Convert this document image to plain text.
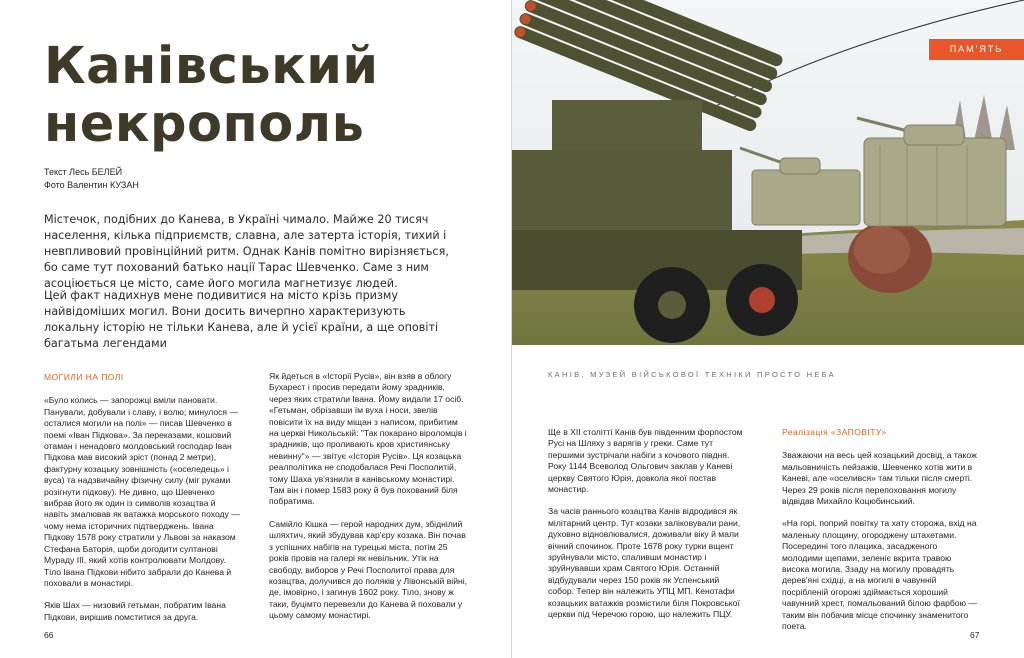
Канівський
некрополь
Текст Лесь БЕЛЕЙ
Фото Валентин КУЗАН

Містечок, подібних до Канева, в Україні чимало. Майже 20 тисяч населення, кілька підприємств, славна, але затерта історія, тихий і невпливовий провінційний ритм. Однак Канів помітно вирізняється, бо саме тут похований батько нації Тарас Шевченко. Саме з ним асоціюється це місто, саме його могила магнетизує людей.

Цей факт надихнув мене подивитися на місто крізь призму найвідоміших могил. Вони досить вичерпно характеризують локальну історію не тільки Канева, але й усієї країни, а ще оповіті багатьма легендами

МОГИЛИ НА ПОЛІ

«Було колись — запорожці вміли пановати. Панували, добували і славу, і волю; минулося — осталися могили на полі» — писав Шевченко в поемі «Іван Підкова». За переказами, кошовий отаман і ненадовго молдовський господар Іван Підкова мав високий зріст (понад 2 метри), фактурну козацьку зовнішність («оселедець» і вуса) та надзвичайну фізичну силу (міг руками розігнути підкову). Не дивно, що Шевченко вибрав його як один із символів козацтва й навіть змалював як ватажка морського походу — чому нема історичних підтверджень. Івана Підкову 1578 року стратили у Львові за наказом Стефана Баторія, щоби догодити султанові Мураду ІІІ, який хотів контролювати Молдову. Тіло Івана Підкови нібито забрали до Канева й поховали в монастирі.

Яків Шах — низовий гетьман, побратим Івана Підкови, вирішив помститися за друга.

Як йдеться в «Історії Русів», він взяв в облогу Бухарест і просив передати йому зрадників, через яких стратили Івана. Йому видали 17 осіб. «Гетьман, обрізавши їм вуха і носи, звелів повісити їх на виду міщан з написом, прибитим на церкві Никольській: "Так покарано віроломців і зрадників, що проливають кров християнську невинну"» — звітує «Історія Русів». Ця козацька реалполітика не сподобалася Речі Посполитій, тому Шаха ув'язнили в канівському монастирі. Там він і помер 1583 року й був похований біля побратима.

Самійло Кішка — герой народних дум, збіднілий шляхтич, який збудував кар'єру козака. Він почав з успішних набігів на турецькі міста, потім 25 років провів на галері як невільник. Утік на свободу, виборов у Речі Посполитої права для козацтва, долучився до поляків у Лівонській війні, де, імовірно, і загинув 1602 року. Тіло, знову ж таки, буцімто перевезли до Канева й поховали у цьому самому монастирі.

66
ПАМ'ЯТЬ
КАНІВ, МУЗЕЙ ВІЙСЬКОВОЇ ТЕХНІКИ ПРОСТО НЕБА

Ще в XII столітті Канів був південним форпостом Русі на Шляху з варягів у греки. Саме тут першими зустрічали набіги з кочового півдня. Року 1144 Всеволод Ольгович заклав у Каневі церкву Святого Юрія, довкола якої постав монастир.

За часів раннього козацтва Канів відродився як мілітарний центр. Тут козаки заліковували рани, духовно відновлювалися, доживали віку й мали вічний спочинок. Проте 1678 року турки вщент зруйнували місто, спаливши монастир і зруйнувавши храм Святого Юрія. Останній відбудували через 150 років як Успенський собор. Тепер він належить УПЦ МП. Кенотафи козацьких ватажків розмістили біля Покровської церкви під Черечою горою, що належить ПЦУ.

Реалізація «ЗАПОВІТУ»

Зважаючи на весь цей козацький досвід, а також мальовничість пейзажів, Шевченко хотів жити в Каневі, але «оселився» там тільки після смерті. Через 29 років після перепоховання могилу відвідав Михайло Коцюбинський.

«На горі, поприй повітку та хату сторожа, вхід на маленьку площину, огороджену штахетами. Посередині того плацика, засадженого молодими щепами, зеленіє вкрита травою висока могила. Ззаду на могилу провадять дерев'яні східці, а на могилі в чавунній посрібленій огорожі здіймається хороший чавунний хрест, помальований білою фарбою — таким він побачив місце спочинку знаменитого поета.

67
